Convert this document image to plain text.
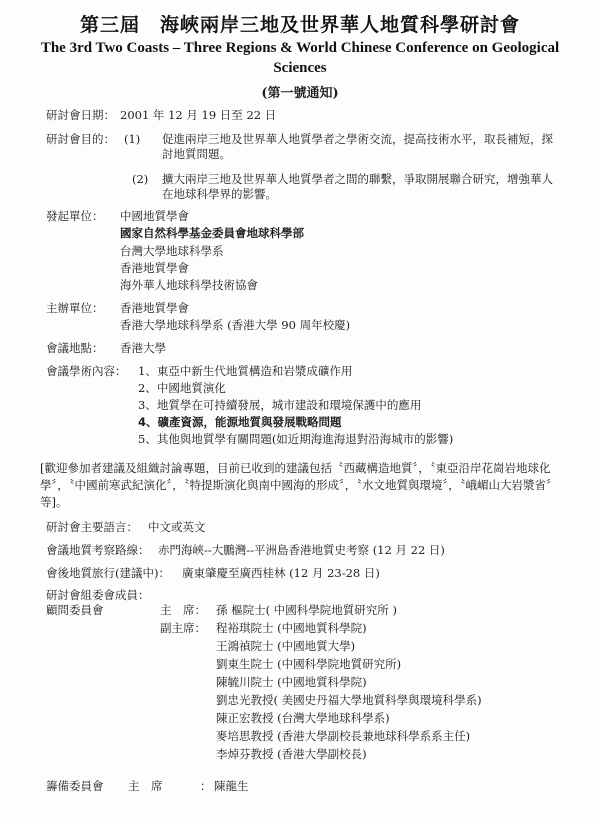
第三屆　海峽兩岸三地及世界華人地質科學研討會
The 3rd Two Coasts – Three Regions & World Chinese Conference on Geological Sciences
(第一號通知)
研討會日期： 2001 年 12 月 19 日至 22 日
研討會目的： (1) 促進兩岸三地及世界華人地質學者之學術交流，提高技術水平，取長補短，探討地質問題。
(2) 擴大兩岸三地及世界華人地質學者之間的聯繫，爭取開展聯合研究，增強華人在地球科學界的影響。
發起單位： 中國地質學會
國家自然科學基金委員會地球科學部
台灣大學地球科學系
香港地質學會
海外華人地球科學技術協會
主辦單位： 香港地質學會
香港大學地球科學系 (香港大學 90 周年校慶)
會議地點： 香港大學
會議學術內容： 1、東亞中新生代地質構造和岩漿成礦作用
2、中國地質演化
3、地質學在可持續發展，城市建設和環境保護中的應用
4、礦產資源，能源地質與發展戰略問題
5、其他與地質學有關問題(如近期海進海退對沿海城市的影響)
[歡迎參加者建議及組織討論專題，目前已收到的建議包括〝西藏構造地質〞，〝東亞沿岸花崗岩地球化學〞，〝中國前寒武紀演化〞，〝特提斯演化與南中國海的形成〞，〝水文地質與環境〞，〝峨嵋山大岩漿省〞等]。
研討會主要語言： 中文或英文
會議地質考察路線： 赤門海峽--大鵬灣--平洲島香港地質史考察 (12 月 22 日)
會後地質旅行(建議中)： 廣東肇慶至廣西桂林 (12 月 23-28 日)
研討會組委會成員：
顧問委員會	主　席： 孫 樞院士( 中國科學院地質研究所 )
副主席： 程裕琪院士 (中國地質科學院)
王鴻禎院士 (中國地質大學)
劉東生院士 (中國科學院地質研究所)
陳毓川院士 (中國地質科學院)
劉忠光教授( 美國史丹福大學地質科學與環境科學系)
陳正宏教授 (台灣大學地球科學系)
麥培思教授 (香港大學副校長兼地球科學系系主任)
李焯芬教授 (香港大學副校長)
籌備委員會 主　席	： 陳龍生
